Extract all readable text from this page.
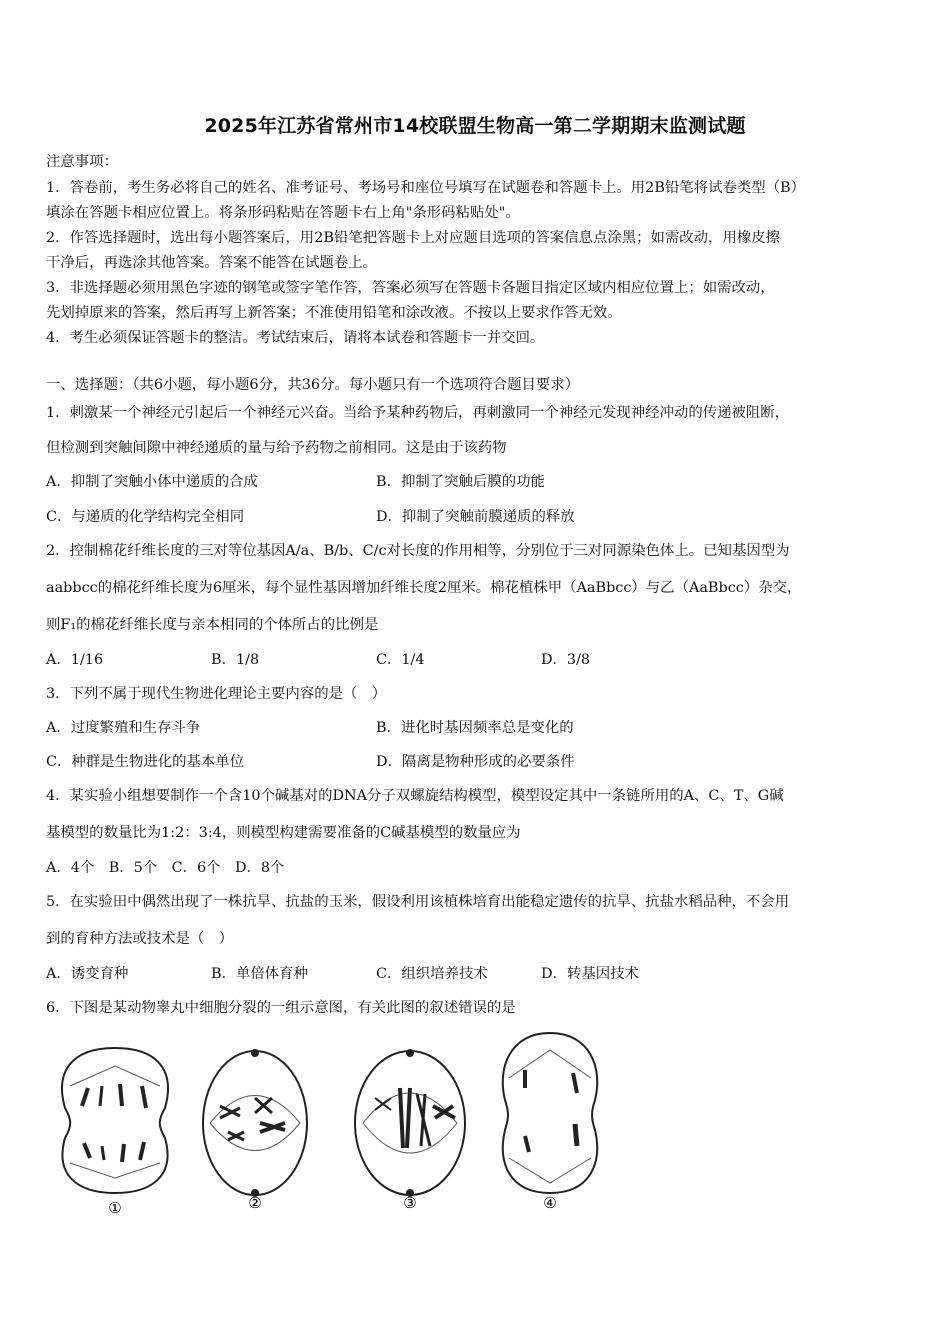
2025年江苏省常州市14校联盟生物高一第二学期期末监测试题
注意事项：
1．答卷前，考生务必将自己的姓名、准考证号、考场号和座位号填写在试题卷和答题卡上。用2B铅笔将试卷类型（B）
填涂在答题卡相应位置上。将条形码粘贴在答题卡右上角"条形码粘贴处"。
2．作答选择题时，选出每小题答案后，用2B铅笔把答题卡上对应题目选项的答案信息点涂黑；如需改动，用橡皮擦
干净后，再选涂其他答案。答案不能答在试题卷上。
3．非选择题必须用黑色字迹的钢笔或签字笔作答，答案必须写在答题卡各题目指定区域内相应位置上；如需改动，
先划掉原来的答案，然后再写上新答案；不准使用铅笔和涂改液。不按以上要求作答无效。
4．考生必须保证答题卡的整洁。考试结束后，请将本试卷和答题卡一并交回。
一、选择题：（共6小题，每小题6分，共36分。每小题只有一个选项符合题目要求）
1．刺激某一个神经元引起后一个神经元兴奋。当给予某种药物后，再刺激同一个神经元发现神经冲动的传递被阻断，
但检测到突触间隙中神经递质的量与给予药物之前相同。这是由于该药物
A．抑制了突触小体中递质的合成	B．抑制了突触后膜的功能
C．与递质的化学结构完全相同	D．抑制了突触前膜递质的释放
2．控制棉花纤维长度的三对等位基因A/a、B/b、C/c对长度的作用相等，分别位于三对同源染色体上。已知基因型为
aabbcc的棉花纤维长度为6厘米，每个显性基因增加纤维长度2厘米。棉花植株甲（AaBbcc）与乙（AaBbcc）杂交，
则F₁的棉花纤维长度与亲本相同的个体所占的比例是
A．1/16	B．1/8	C．1/4	D．3/8
3．下列不属于现代生物进化理论主要内容的是（　）
A．过度繁殖和生存斗争	B．进化时基因频率总是变化的
C．种群是生物进化的基本单位	D．隔离是物种形成的必要条件
4．某实验小组想要制作一个含10个碱基对的DNA分子双螺旋结构模型，模型设定其中一条链所用的A、C、T、G碱
基模型的数量比为1:2：3:4，则模型构建需要准备的C碱基模型的数量应为
A．4个　B．5个　C．6个　D．8个
5．在实验田中偶然出现了一株抗旱、抗盐的玉米，假设利用该植株培育出能稳定遗传的抗旱、抗盐水稻品种，不会用
到的育种方法或技术是（　）
A．诱变育种	B．单倍体育种	C．组织培养技术	D．转基因技术
6．下图是某动物睾丸中细胞分裂的一组示意图，有关此图的叙述错误的是
①	②	③	④
